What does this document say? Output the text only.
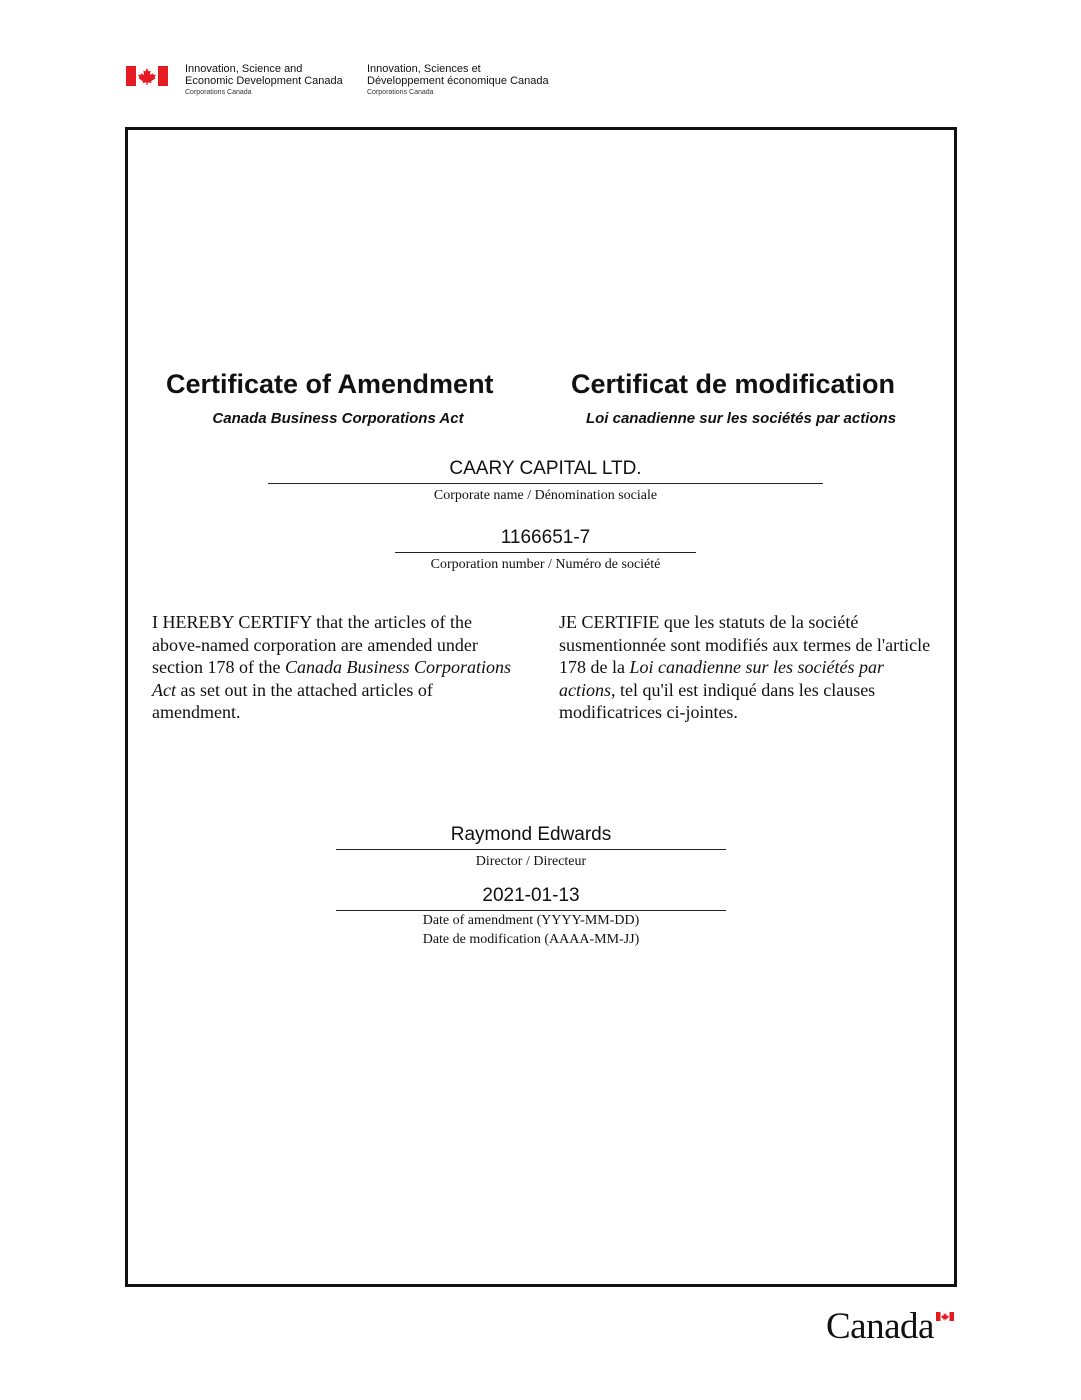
Innovation, Science and
Economic Development Canada
Corporations Canada
Innovation, Sciences et
Développement économique Canada
Corporations Canada
Certificate of Amendment	Certificat de modification
Canada Business Corporations Act	Loi canadienne sur les sociétés par actions
CAARY CAPITAL LTD.
Corporate name / Dénomination sociale
1166651-7
Corporation number / Numéro de société
I HEREBY CERTIFY that the articles of the above-named corporation are amended under section 178 of the Canada Business Corporations Act as set out in the attached articles of amendment.
JE CERTIFIE que les statuts de la société susmentionnée sont modifiés aux termes de l'article 178 de la Loi canadienne sur les sociétés par actions, tel qu'il est indiqué dans les clauses modificatrices ci-jointes.
Raymond Edwards
Director / Directeur
2021-01-13
Date of amendment (YYYY-MM-DD)
Date de modification (AAAA-MM-JJ)
Canada
